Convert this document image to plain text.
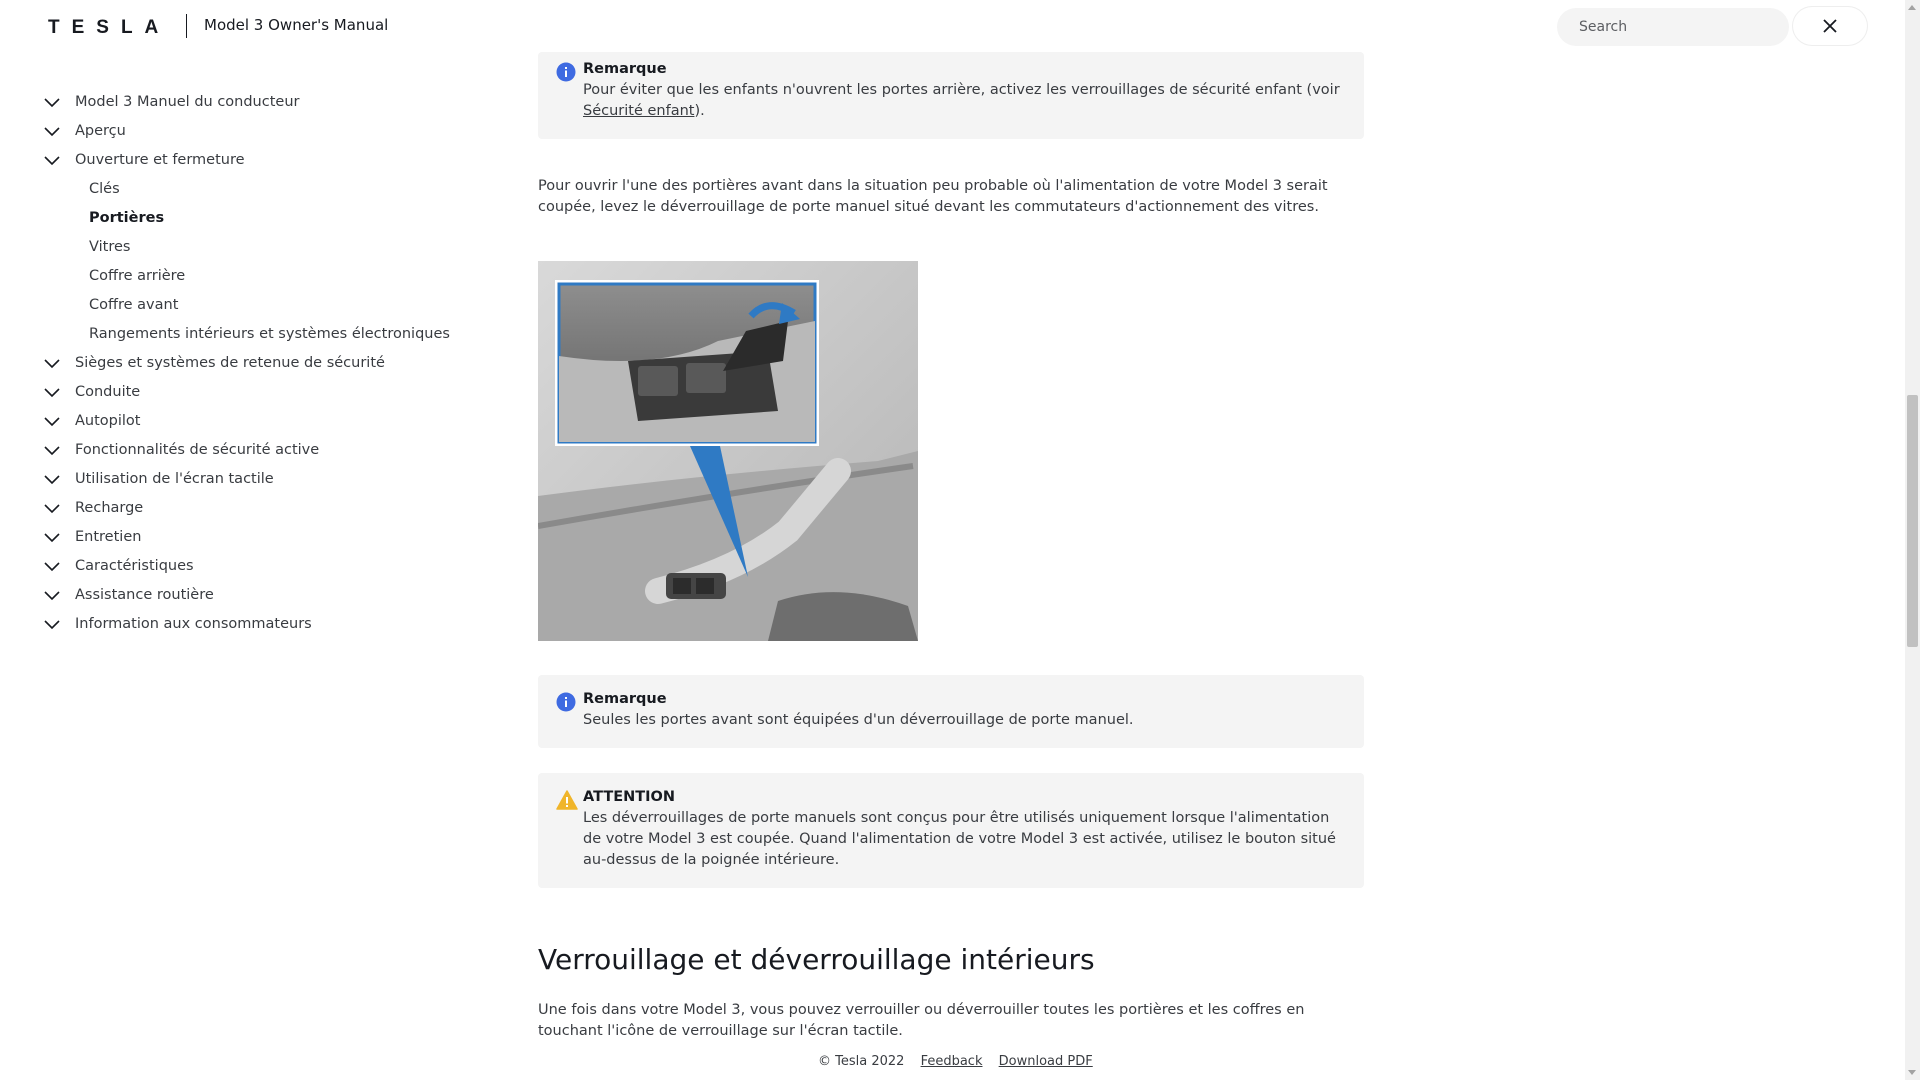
TESLA Model 3 Owner's Manual
Search
Model 3 Manuel du conducteur
Aperçu
Ouverture et fermeture
Clés
Portières
Vitres
Coffre arrière
Coffre avant
Rangements intérieurs et systèmes électroniques
Sièges et systèmes de retenue de sécurité
Conduite
Autopilot
Fonctionnalités de sécurité active
Utilisation de l'écran tactile
Recharge
Entretien
Caractéristiques
Assistance routière
Information aux consommateurs
Remarque
Pour éviter que les enfants n'ouvrent les portes arrière, activez les verrouillages de sécurité enfant (voir Sécurité enfant).
Pour ouvrir l'une des portières avant dans la situation peu probable où l'alimentation de votre Model 3 serait coupée, levez le déverrouillage de porte manuel situé devant les commutateurs d'actionnement des vitres.
Remarque
Seules les portes avant sont équipées d'un déverrouillage de porte manuel.
ATTENTION
Les déverrouillages de porte manuels sont conçus pour être utilisés uniquement lorsque l'alimentation de votre Model 3 est coupée. Quand l'alimentation de votre Model 3 est activée, utilisez le bouton situé au-dessus de la poignée intérieure.
Verrouillage et déverrouillage intérieurs
Une fois dans votre Model 3, vous pouvez verrouiller ou déverrouiller toutes les portières et les coffres en touchant l'icône de verrouillage sur l'écran tactile.
© Tesla 2022 Feedback Download PDF
